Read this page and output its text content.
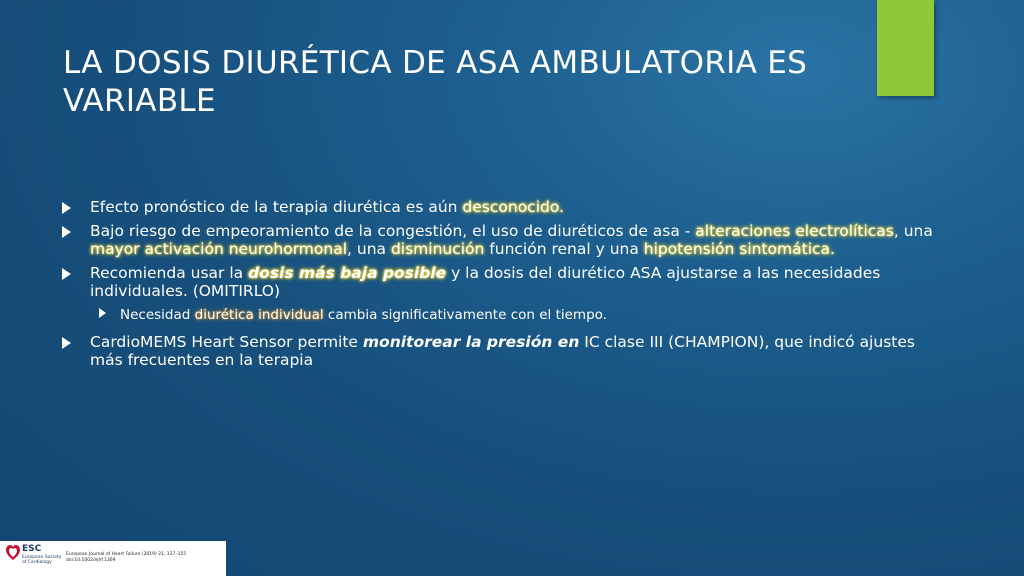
LA DOSIS DIURÉTICA DE ASA AMBULATORIA ES VARIABLE
Efecto pronóstico de la terapia diurética es aún desconocido.
Bajo riesgo de empeoramiento de la congestión, el uso de diuréticos de asa - alteraciones electrolíticas, una mayor activación neurohormonal, una disminución función renal y una hipotensión sintomática.
Recomienda usar la dosis más baja posible y la dosis del diurético ASA ajustarse a las necesidades individuales. (OMITIRLO)
Necesidad diurética individual cambia significativamente con el tiempo.
CardioMEMS Heart Sensor permite monitorear la presión en IC clase III (CHAMPION), que indicó ajustes más frecuentes en la terapia
ESC
European Society
of Cardiology
European Journal of Heart Failure (2019) 21, 137–155
doi:10.1002/ejhf.1369
